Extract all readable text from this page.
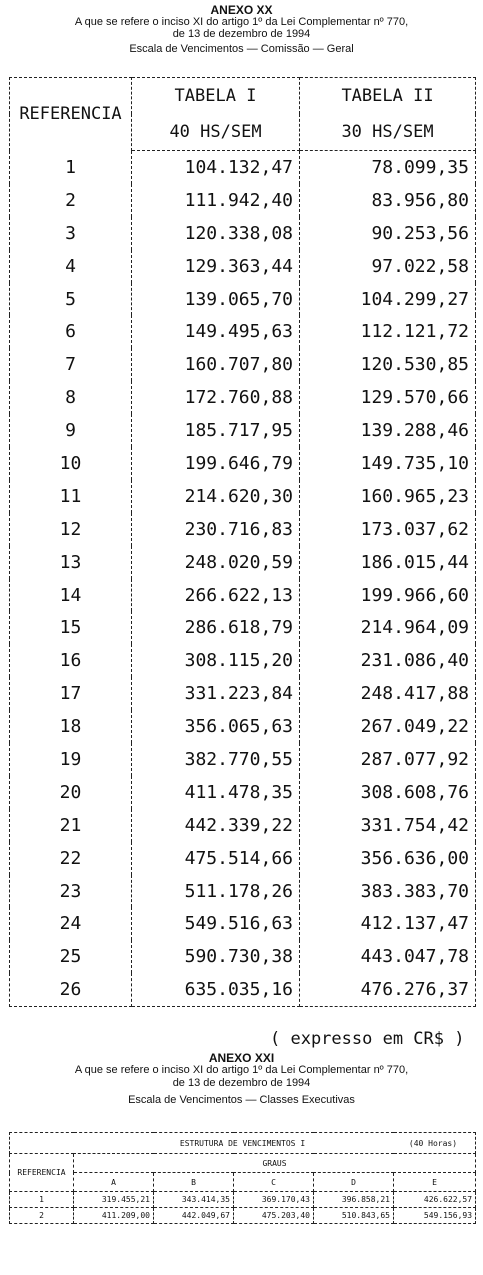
ANEXO XX
A que se refere o inciso XI do artigo 1º da Lei Complementar nº 770,
de 13 de dezembro de 1994
Escala de Vencimentos — Comissão — Geral
REFERENCIA	TABELA I	TABELA II
	40 HS/SEM	30 HS/SEM
1	104.132,47	78.099,35
2	111.942,40	83.956,80
3	120.338,08	90.253,56
4	129.363,44	97.022,58
5	139.065,70	104.299,27
6	149.495,63	112.121,72
7	160.707,80	120.530,85
8	172.760,88	129.570,66
9	185.717,95	139.288,46
10	199.646,79	149.735,10
11	214.620,30	160.965,23
12	230.716,83	173.037,62
13	248.020,59	186.015,44
14	266.622,13	199.966,60
15	286.618,79	214.964,09
16	308.115,20	231.086,40
17	331.223,84	248.417,88
18	356.065,63	267.049,22
19	382.770,55	287.077,92
20	411.478,35	308.608,76
21	442.339,22	331.754,42
22	475.514,66	356.636,00
23	511.178,26	383.383,70
24	549.516,63	412.137,47
25	590.730,38	443.047,78
26	635.035,16	476.276,37
( expresso em CR$ )
ANEXO XXI
A que se refere o inciso XI do artigo 1º da Lei Complementar nº 770,
de 13 de dezembro de 1994
Escala de Vencimentos — Classes Executivas
ESTRUTURA DE VENCIMENTOS I (40 Horas)					

REFERENCIA	GRAUS				
	A	B	C	D	E
1	319.455,21	343.414,35	369.170,43	396.858,21	426.622,57
2	411.209,00	442.049,67	475.203,40	510.843,65	549.156,93
